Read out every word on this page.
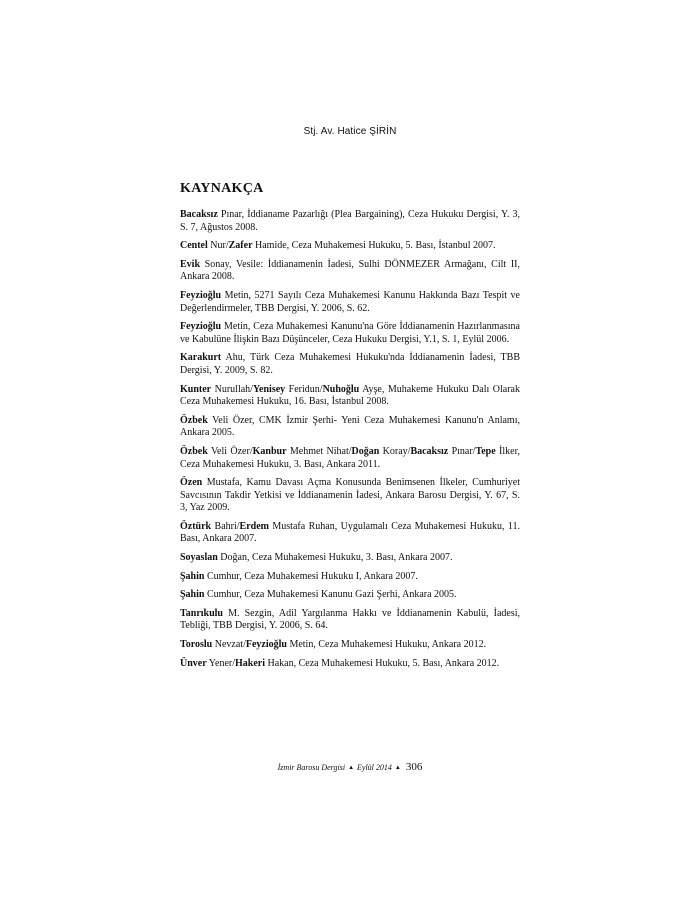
Stj. Av. Hatice ŞİRİN
KAYNAKÇA
Bacaksız Pınar, İddianame Pazarlığı (Plea Bargaining), Ceza Hukuku Dergisi, Y. 3, S. 7, Ağustos 2008.
Centel Nur/Zafer Hamide, Ceza Muhakemesi Hukuku, 5. Bası, İstanbul 2007.
Evik Sonay, Vesile: İddianamenin İadesi, Sulhi DÖNMEZER Armağanı, Cilt II, Ankara 2008.
Feyzioğlu Metin, 5271 Sayılı Ceza Muhakemesi Kanunu Hakkında Bazı Tespit ve Değerlendirmeler, TBB Dergisi, Y. 2006, S. 62.
Feyzioğlu Metin, Ceza Muhakemesi Kanunu'na Göre İddianamenin Hazırlanmasına ve Kabulüne İlişkin Bazı Düşünceler, Ceza Hukuku Dergisi, Y.1, S. 1, Eylül 2006.
Karakurt Ahu, Türk Ceza Muhakemesi Hukuku'nda İddianamenin İadesi, TBB Dergisi, Y. 2009, S. 82.
Kunter Nurullah/Yenisey Feridun/Nuhoğlu Ayşe, Muhakeme Hukuku Dalı Olarak Ceza Muhakemesi Hukuku, 16. Bası, İstanbul 2008.
Özbek Veli Özer, CMK İzmir Şerhi- Yeni Ceza Muhakemesi Kanunu'n Anlamı, Ankara 2005.
Özbek Veli Özer/Kanbur Mehmet Nihat/Doğan Koray/Bacaksız Pınar/Tepe İlker, Ceza Muhakemesi Hukuku, 3. Bası, Ankara 2011.
Özen Mustafa, Kamu Davası Açma Konusunda Benimsenen İlkeler, Cumhuriyet Savcısının Takdir Yetkisi ve İddianamenin İadesi, Ankara Barosu Dergisi, Y. 67, S. 3, Yaz 2009.
Öztürk Bahri/Erdem Mustafa Ruhan, Uygulamalı Ceza Muhakemesi Hukuku, 11. Bası, Ankara 2007.
Soyaslan Doğan, Ceza Muhakemesi Hukuku, 3. Bası, Ankara 2007.
Şahin Cumhur, Ceza Muhakemesi Hukuku I, Ankara 2007.
Şahin Cumhur, Ceza Muhakemesi Kanunu Gazi Şerhi, Ankara 2005.
Tanrıkulu M. Sezgin, Adil Yargılanma Hakkı ve İddianamenin Kabulü, İadesi, Tebliği, TBB Dergisi, Y. 2006, S. 64.
Toroslu Nevzat/Feyzioğlu Metin, Ceza Muhakemesi Hukuku, Ankara 2012.
Ünver Yener/Hakeri Hakan, Ceza Muhakemesi Hukuku, 5. Bası, Ankara 2012.
İzmir Barosu Dergisi ▲ Eylül 2014 ▲ 306
